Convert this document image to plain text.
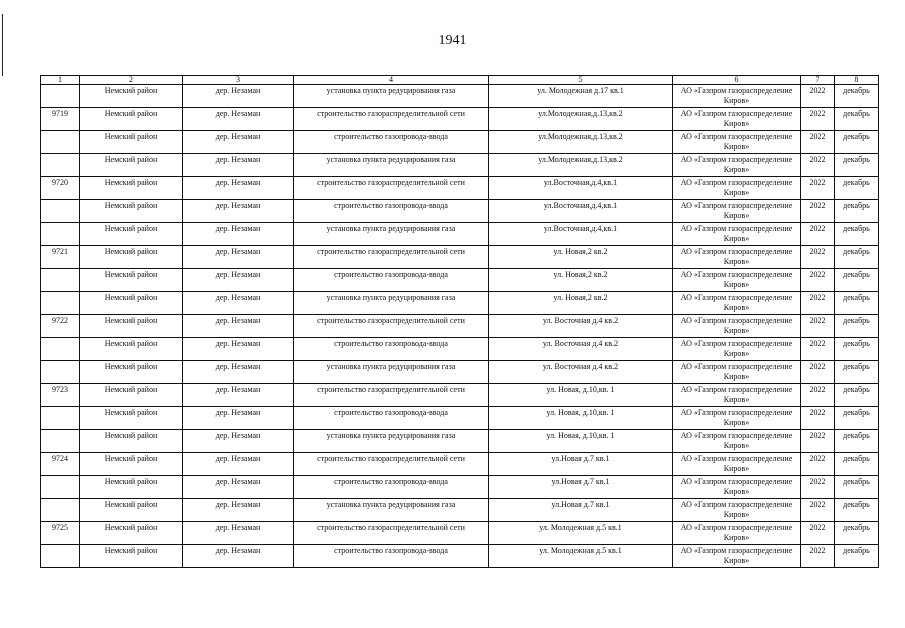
1941
1	2	3	4	5	6	7	8
	Немский район	дер. Незаман	установка пункта редуцирования газа	ул. Молодежная д.17 кв.1	АО «Газпром газораспределение Киров»	2022	декабрь
9719	Немский район	дер. Незаман	строительство газораспределительной сети	ул.Молодежная,д.13,кв.2	АО «Газпром газораспределение Киров»	2022	декабрь
	Немский район	дер. Незаман	строительство газопровода-ввода	ул.Молодежная,д.13,кв.2	АО «Газпром газораспределение Киров»	2022	декабрь
	Немский район	дер. Незаман	установка пункта редуцирования газа	ул.Молодежная,д.13,кв.2	АО «Газпром газораспределение Киров»	2022	декабрь
9720	Немский район	дер. Незаман	строительство газораспределительной сети	ул.Восточная,д.4,кв.1	АО «Газпром газораспределение Киров»	2022	декабрь
	Немский район	дер. Незаман	строительство газопровода-ввода	ул.Восточная,д.4,кв.1	АО «Газпром газораспределение Киров»	2022	декабрь
	Немский район	дер. Незаман	установка пункта редуцирования газа	ул.Восточная,д.4,кв.1	АО «Газпром газораспределение Киров»	2022	декабрь
9721	Немский район	дер. Незаман	строительство газораспределительной сети	ул. Новая,2 кв.2	АО «Газпром газораспределение Киров»	2022	декабрь
	Немский район	дер. Незаман	строительство газопровода-ввода	ул. Новая,2 кв.2	АО «Газпром газораспределение Киров»	2022	декабрь
	Немский район	дер. Незаман	установка пункта редуцирования газа	ул. Новая,2 кв.2	АО «Газпром газораспределение Киров»	2022	декабрь
9722	Немский район	дер. Незаман	строительство газораспределительной сети	ул. Восточная д.4 кв.2	АО «Газпром газораспределение Киров»	2022	декабрь
	Немский район	дер. Незаман	строительство газопровода-ввода	ул. Восточная д.4 кв.2	АО «Газпром газораспределение Киров»	2022	декабрь
	Немский район	дер. Незаман	установка пункта редуцирования газа	ул. Восточная д.4 кв.2	АО «Газпром газораспределение Киров»	2022	декабрь
9723	Немский район	дер. Незаман	строительство газораспределительной сети	ул. Новая, д.10,кв. 1	АО «Газпром газораспределение Киров»	2022	декабрь
	Немский район	дер. Незаман	строительство газопровода-ввода	ул. Новая, д.10,кв. 1	АО «Газпром газораспределение Киров»	2022	декабрь
	Немский район	дер. Незаман	установка пункта редуцирования газа	ул. Новая, д.10,кв. 1	АО «Газпром газораспределение Киров»	2022	декабрь
9724	Немский район	дер. Незаман	строительство газораспределительной сети	ул.Новая д.7 кв.1	АО «Газпром газораспределение Киров»	2022	декабрь
	Немский район	дер. Незаман	строительство газопровода-ввода	ул.Новая д.7 кв.1	АО «Газпром газораспределение Киров»	2022	декабрь
	Немский район	дер. Незаман	установка пункта редуцирования газа	ул.Новая д.7 кв.1	АО «Газпром газораспределение Киров»	2022	декабрь
9725	Немский район	дер. Незаман	строительство газораспределительной сети	ул. Молодежная д.5 кв.1	АО «Газпром газораспределение Киров»	2022	декабрь
	Немский район	дер. Незаман	строительство газопровода-ввода	ул. Молодежная д.5 кв.1	АО «Газпром газораспределение Киров»	2022	декабрь
